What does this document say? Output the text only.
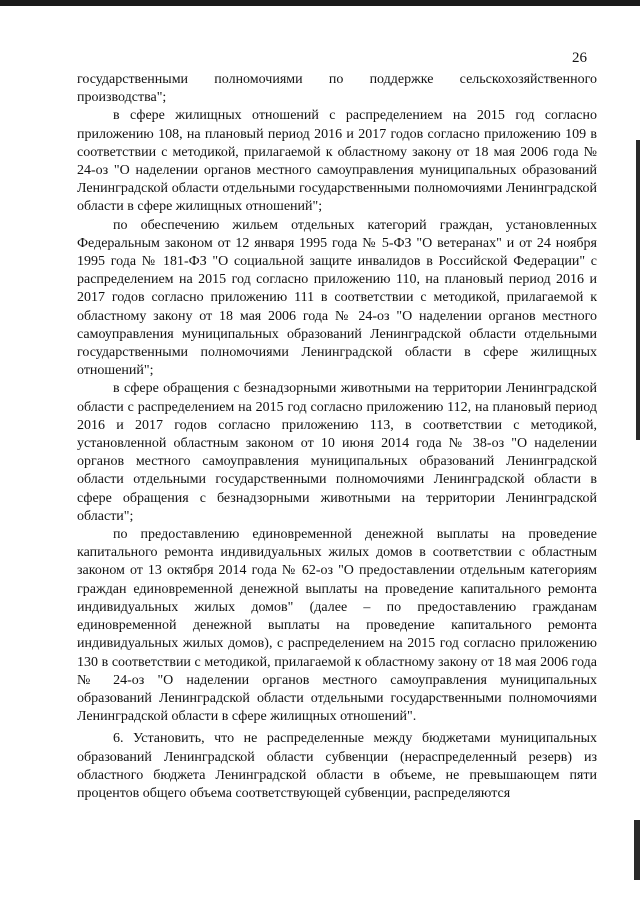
26

государственными полномочиями по поддержке сельскохозяйственного производства";

в сфере жилищных отношений с распределением на 2015 год согласно приложению 108, на плановый период 2016 и 2017 годов согласно приложению 109 в соответствии с методикой, прилагаемой к областному закону от 18 мая 2006 года № 24-оз "О наделении органов местного самоуправления муниципальных образований Ленинградской области отдельными государственными полномочиями Ленинградской области в сфере жилищных отношений";

по обеспечению жильем отдельных категорий граждан, установленных Федеральным законом от 12 января 1995 года № 5-ФЗ "О ветеранах" и от 24 ноября 1995 года № 181-ФЗ "О социальной защите инвалидов в Российской Федерации" с распределением на 2015 год согласно приложению 110, на плановый период 2016 и 2017 годов согласно приложению 111 в соответствии с методикой, прилагаемой к областному закону от 18 мая 2006 года № 24-оз "О наделении органов местного самоуправления муниципальных образований Ленинградской области отдельными государственными полномочиями Ленинградской области в сфере жилищных отношений";

в сфере обращения с безнадзорными животными на территории Ленинградской области с распределением на 2015 год согласно приложению 112, на плановый период 2016 и 2017 годов согласно приложению 113, в соответствии с методикой, установленной областным законом от 10 июня 2014 года № 38-оз "О наделении органов местного самоуправления муниципальных образований Ленинградской области отдельными государственными полномочиями Ленинградской области в сфере обращения с безнадзорными животными на территории Ленинградской области";

по предоставлению единовременной денежной выплаты на проведение капитального ремонта индивидуальных жилых домов в соответствии с областным законом от 13 октября 2014 года № 62-оз "О предоставлении отдельным категориям граждан единовременной денежной выплаты на проведение капитального ремонта индивидуальных жилых домов" (далее – по предоставлению гражданам единовременной денежной выплаты на проведение капитального ремонта индивидуальных жилых домов), с распределением на 2015 год согласно приложению 130 в соответствии с методикой, прилагаемой к областному закону от 18 мая 2006 года № 24-оз "О наделении органов местного самоуправления муниципальных образований Ленинградской области отдельными государственными полномочиями Ленинградской области в сфере жилищных отношений".

6. Установить, что не распределенные между бюджетами муниципальных образований Ленинградской области субвенции (нераспределенный резерв) из областного бюджета Ленинградской области в объеме, не превышающем пяти процентов общего объема соответствующей субвенции, распределяются
